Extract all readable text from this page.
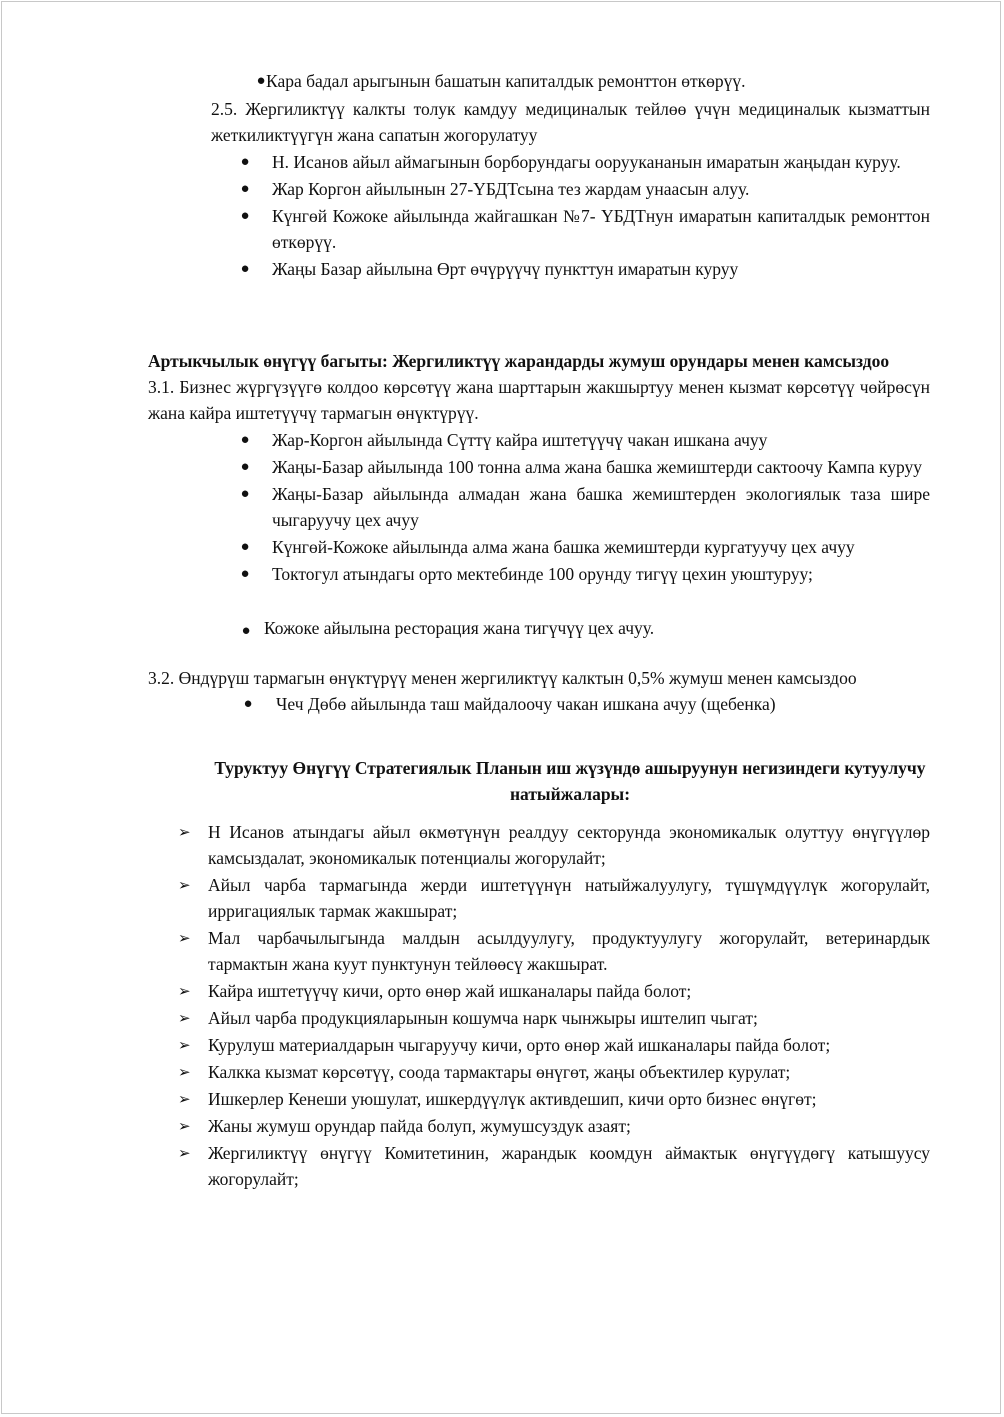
● Кара бадал арыгынын башатын капиталдык ремонттон өткөрүү.

2.5. Жергиликтүү калкты толук камдуу медициналык тейлөө үчүн медициналык кызматтын жеткиликтүүгүн жана сапатын жогорулатуу

● Н. Исанов айыл аймагынын борборундагы ооруукананын имаратын жаңыдан куруу.
● Жар Коргон айылынын 27-ҮБДТсына тез жардам унаасын алуу.
● Күнгөй Кожоке айылында жайгашкан №7- ҮБДТнун имаратын капиталдык ремонттон өткөрүү.
● Жаңы Базар айылына Өрт өчүрүүчү пункттун имаратын куруу

Артыкчылык өнүгүү багыты: Жергиликтүү жарандарды жумуш орундары менен камсыздоо

3.1. Бизнес жүргүзүүгө колдоо көрсөтүү жана шарттарын жакшыртуу менен кызмат көрсөтүү чөйрөсүн жана кайра иштетүүчү тармагын өнүктүрүү.

● Жар-Коргон айылында Сүттү кайра иштетүүчү чакан ишкана ачуу
● Жаңы-Базар айылында 100 тонна алма жана башка жемиштерди сактоочу Кампа куруу
● Жаңы-Базар айылында алмадан жана башка жемиштерден экологиялык таза шире чыгаруучу цех ачуу
● Күнгөй-Кожоке айылында алма жана башка жемиштерди кургатуучу цех ачуу
● Токтогул атындагы орто мектебинде 100 орунду тигүү цехин уюштуруу;
● Кожоке айылына ресторация жана тигүчүү цех ачуу.

3.2. Өндүрүш тармагын өнүктүрүү менен жергиликтүү калктын 0,5% жумуш менен камсыздоо

● Чеч Дөбө айылында таш майдалоочу чакан ишкана ачуу (щебенка)

Туруктуу Өнүгүү Стратегиялык Планын иш жүзүндө ашыруунун негизиндеги кутуулучу натыйжалары:

➢ Н Исанов атындагы айыл өкмөтүнүн реалдуу секторунда экономикалык олуттуу өнүгүүлөр камсыздалат, экономикалык потенциалы жогорулайт;
➢ Айыл чарба тармагында жерди иштетүүнүн натыйжалуулугу, түшүмдүүлүк жогорулайт, ирригациялык тармак жакшырат;
➢ Мал чарбачылыгында малдын асылдуулугу, продуктуулугу жогорулайт, ветеринардык тармактын жана куут пунктунун тейлөөсү жакшырат.
➢ Кайра иштетүүчү кичи, орто өнөр жай ишканалары пайда болот;
➢ Айыл чарба продукцияларынын кошумча нарк чынжыры иштелип чыгат;
➢ Курулуш материалдарын чыгаруучу кичи, орто өнөр жай ишканалары пайда болот;
➢ Калкка кызмат көрсөтүү, соода тармактары өнүгөт, жаңы объектилер курулат;
➢ Ишкерлер Кенеши уюшулат, ишкердүүлүк активдешип, кичи орто бизнес өнүгөт;
➢ Жаны жумуш орундар пайда болуп, жумушсуздук азаят;
➢ Жергиликтүү өнүгүү Комитетинин, жарандык коомдун аймактык өнүгүүдөгү катышуусу жогорулайт;
